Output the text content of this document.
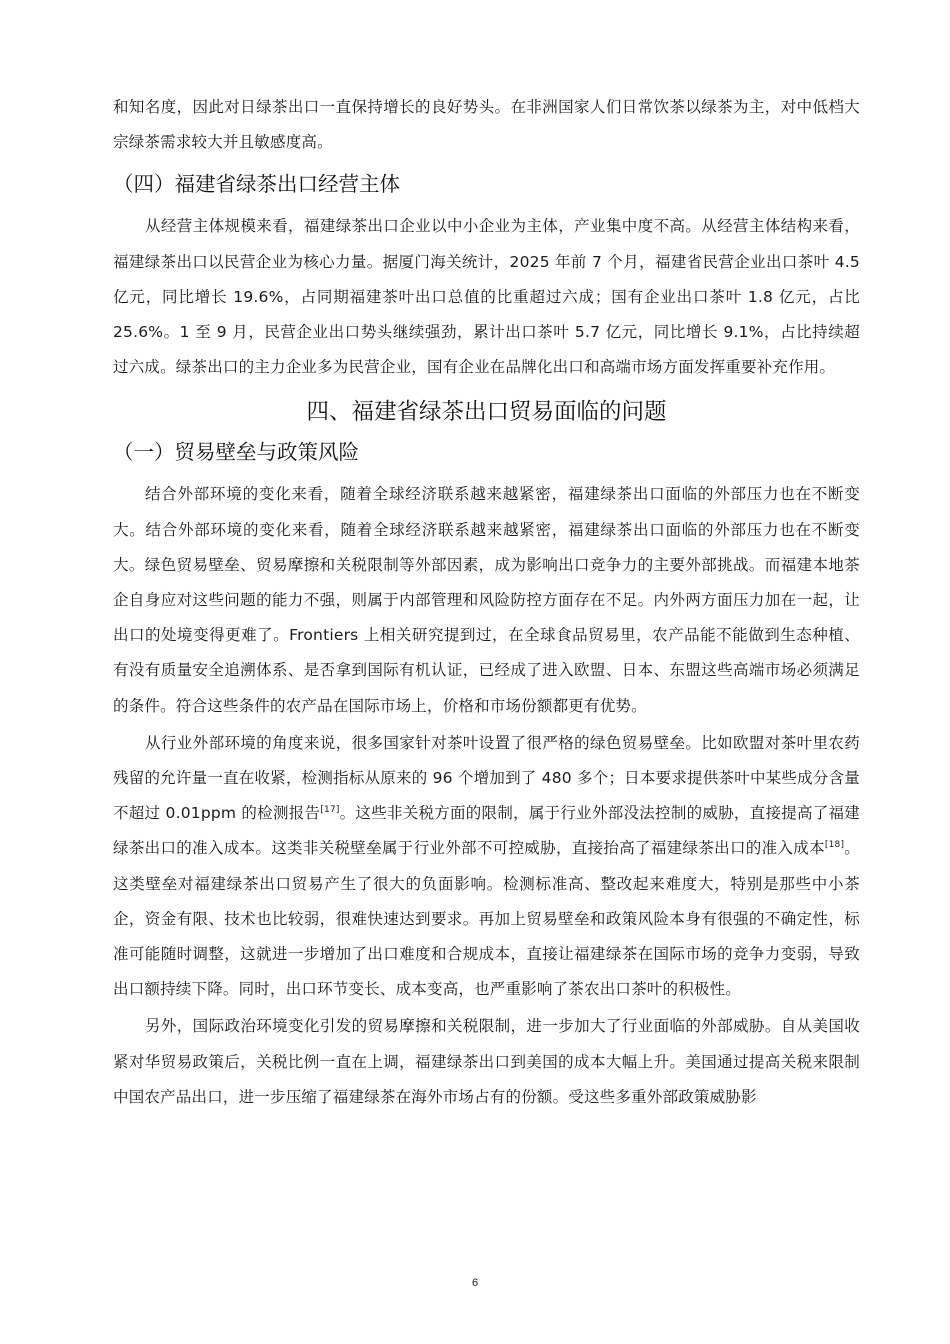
和知名度，因此对日绿茶出口一直保持增长的良好势头。在非洲国家人们日常饮茶以绿茶为主，对中低档大宗绿茶需求较大并且敏感度高。

（四）福建省绿茶出口经营主体

从经营主体规模来看，福建绿茶出口企业以中小企业为主体，产业集中度不高。从经营主体结构来看，福建绿茶出口以民营企业为核心力量。据厦门海关统计，2025 年前 7 个月，福建省民营企业出口茶叶 4.5 亿元，同比增长 19.6%，占同期福建茶叶出口总值的比重超过六成；国有企业出口茶叶 1.8 亿元，占比 25.6%。1 至 9 月，民营企业出口势头继续强劲，累计出口茶叶 5.7 亿元，同比增长 9.1%，占比持续超过六成。绿茶出口的主力企业多为民营企业，国有企业在品牌化出口和高端市场方面发挥重要补充作用。

四、福建省绿茶出口贸易面临的问题
（一）贸易壁垒与政策风险

结合外部环境的变化来看，随着全球经济联系越来越紧密，福建绿茶出口面临的外部压力也在不断变大。结合外部环境的变化来看，随着全球经济联系越来越紧密，福建绿茶出口面临的外部压力也在不断变大。绿色贸易壁垒、贸易摩擦和关税限制等外部因素，成为影响出口竞争力的主要外部挑战。而福建本地茶企自身应对这些问题的能力不强，则属于内部管理和风险防控方面存在不足。内外两方面压力加在一起，让出口的处境变得更难了。Frontiers 上相关研究提到过，在全球食品贸易里，农产品能不能做到生态种植、有没有质量安全追溯体系、是否拿到国际有机认证，已经成了进入欧盟、日本、东盟这些高端市场必须满足的条件。符合这些条件的农产品在国际市场上，价格和市场份额都更有优势。

从行业外部环境的角度来说，很多国家针对茶叶设置了很严格的绿色贸易壁垒。比如欧盟对茶叶里农药残留的允许量一直在收紧，检测指标从原来的 96 个增加到了 480 多个；日本要求提供茶叶中某些成分含量不超过 0.01ppm 的检测报告[17]。这些非关税方面的限制，属于行业外部没法控制的威胁，直接提高了福建绿茶出口的准入成本。这类非关税壁垒属于行业外部不可控威胁，直接抬高了福建绿茶出口的准入成本[18]。这类壁垒对福建绿茶出口贸易产生了很大的负面影响。检测标准高、整改起来难度大，特别是那些中小茶企，资金有限、技术也比较弱，很难快速达到要求。再加上贸易壁垒和政策风险本身有很强的不确定性，标准可能随时调整，这就进一步增加了出口难度和合规成本，直接让福建绿茶在国际市场的竞争力变弱，导致出口额持续下降。同时，出口环节变长、成本变高，也严重影响了茶农出口茶叶的积极性。

另外，国际政治环境变化引发的贸易摩擦和关税限制，进一步加大了行业面临的外部威胁。自从美国收紧对华贸易政策后，关税比例一直在上调，福建绿茶出口到美国的成本大幅上升。美国通过提高关税来限制中国农产品出口，进一步压缩了福建绿茶在海外市场占有的份额。受这些多重外部政策威胁影

6
